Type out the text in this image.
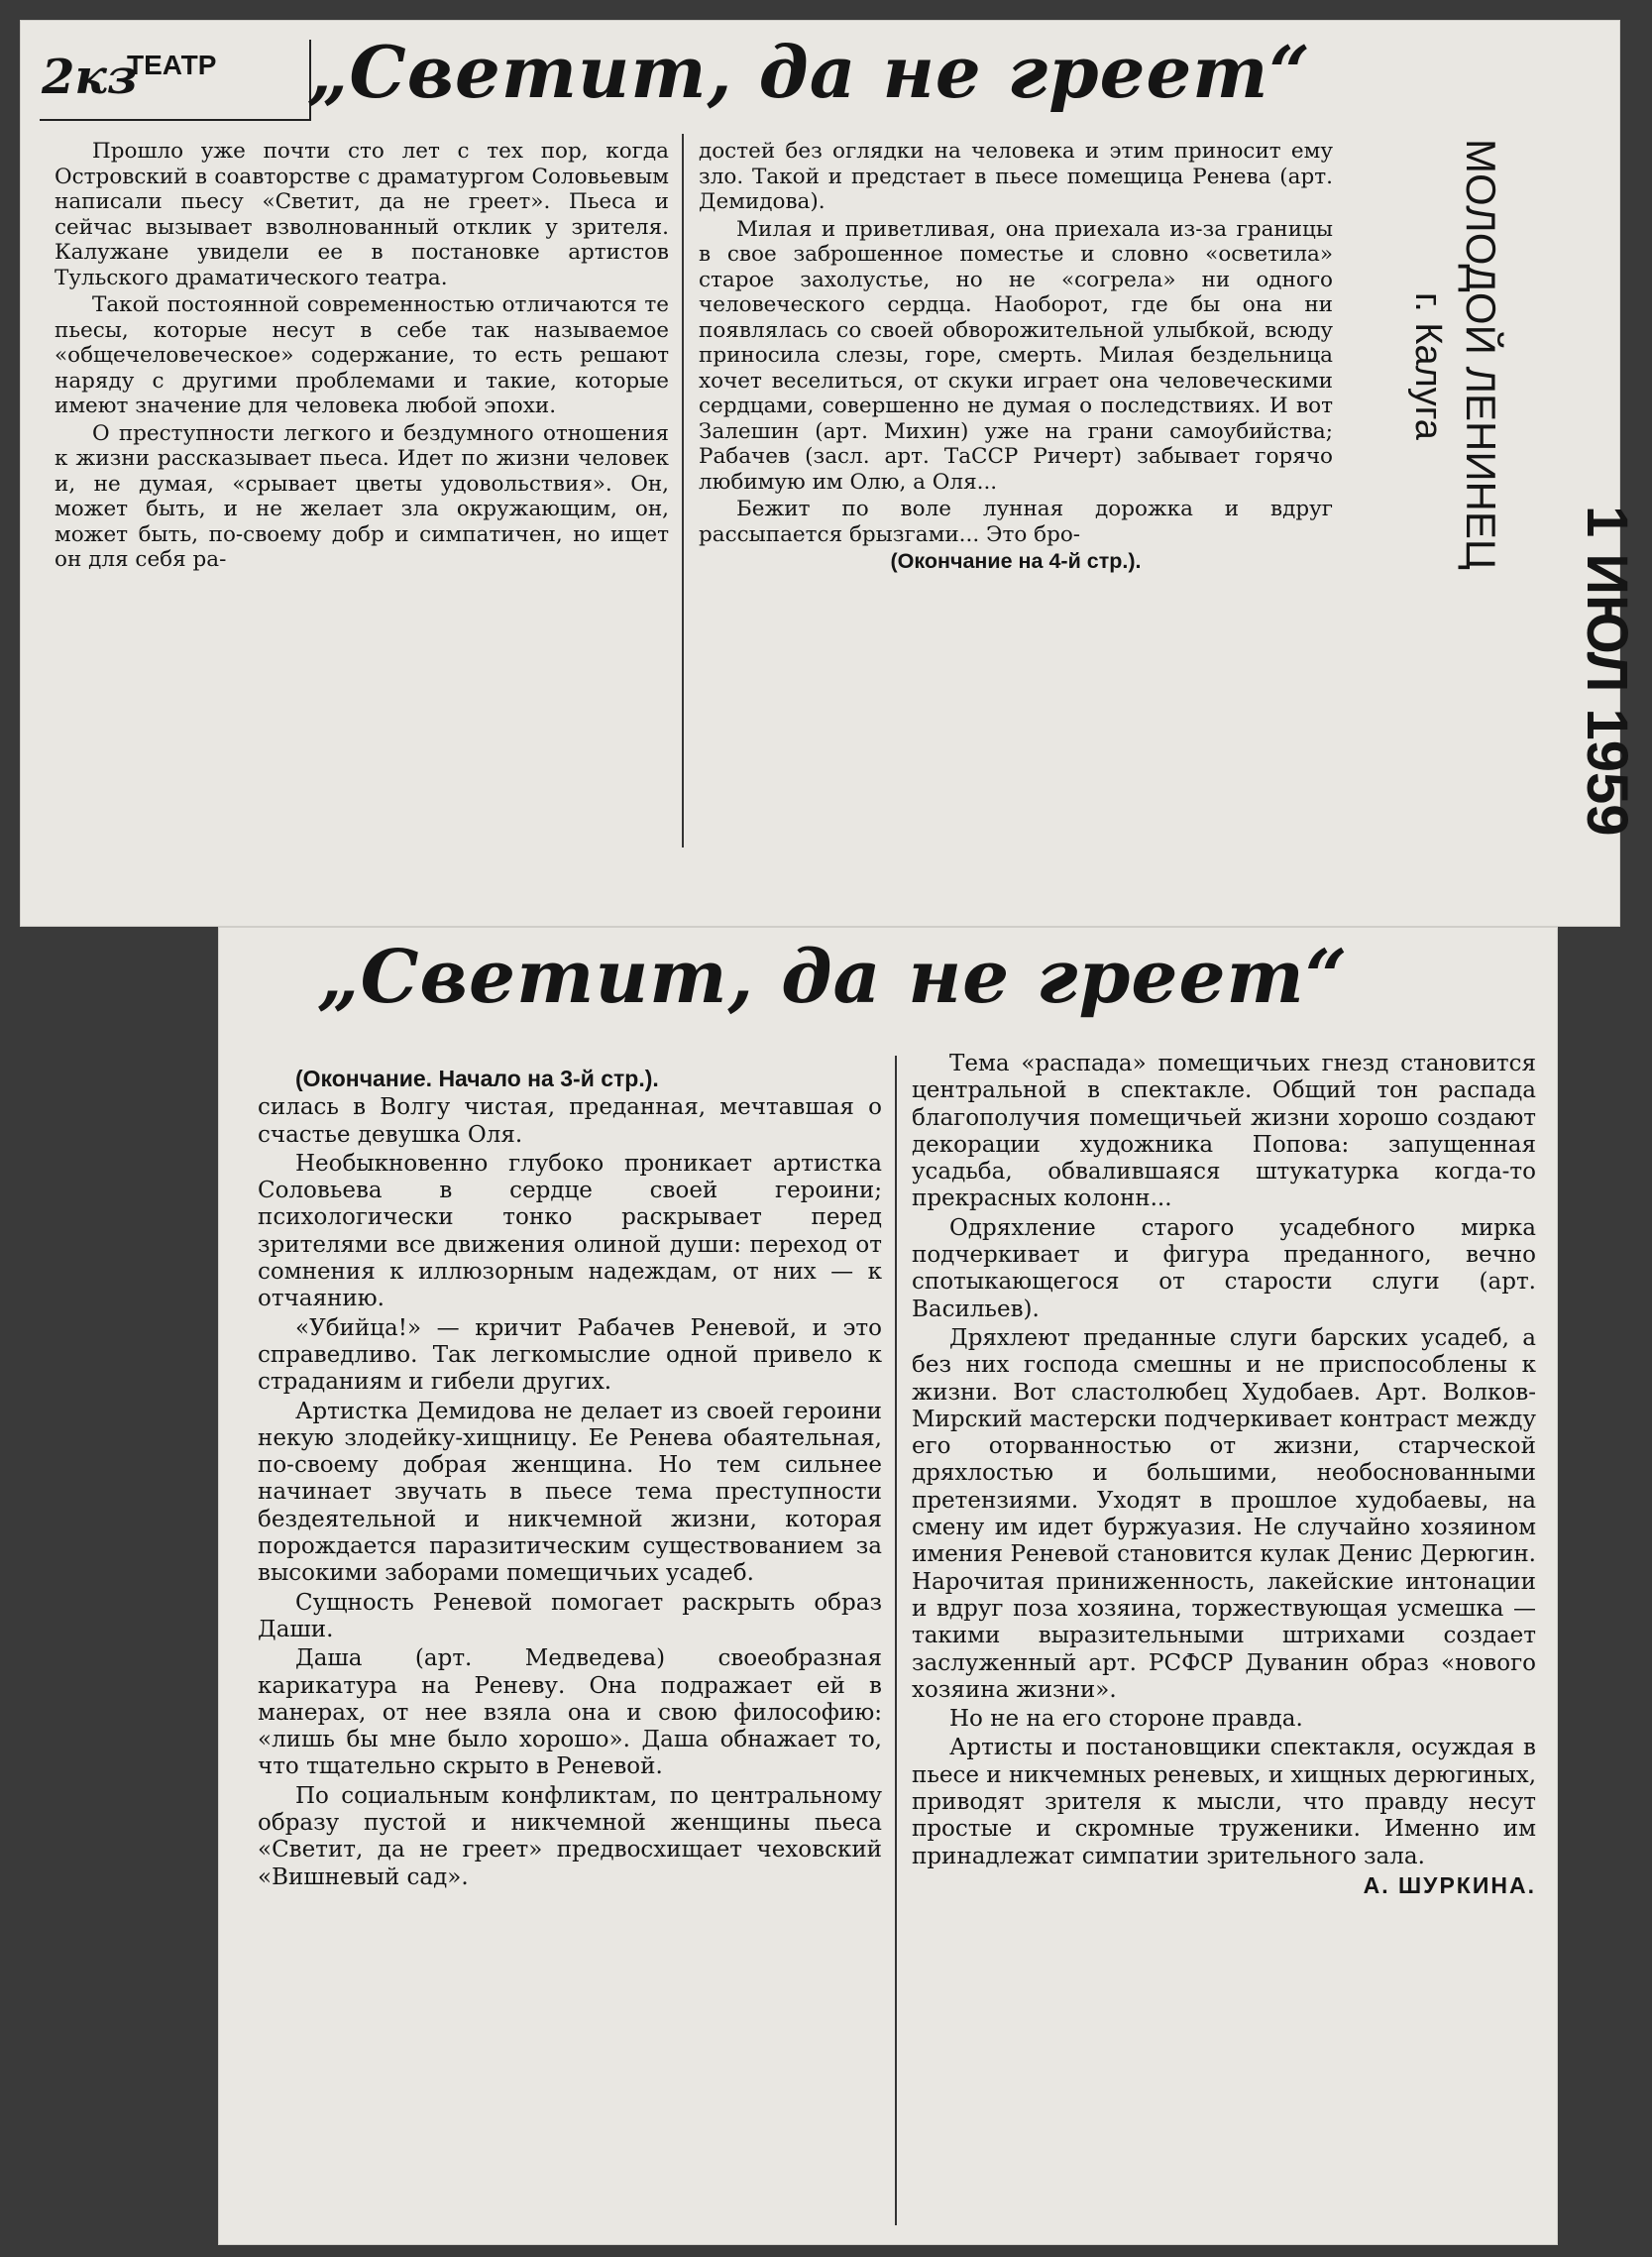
2кз
ТЕАТР „Светит, да не греет“

Прошло уже почти сто лет с тех пор, когда Островский в соавторстве с драматургом Соловьевым написали пьесу «Светит, да не греет». Пьеса и сейчас вызывает взволнованный отклик у зрителя. Калужане увидели ее в постановке артистов Тульского драматического театра.

Такой постоянной современностью отличаются те пьесы, которые несут в себе так называемое «общечеловеческое» содержание, то есть решают наряду с другими проблемами и такие, которые имеют значение для человека любой эпохи.

О преступности легкого и бездумного отношения к жизни рассказывает пьеса. Идет по жизни человек и, не думая, «срывает цветы удовольствия». Он, может быть, и не желает зла окружающим, он, может быть, по-своему добр и симпатичен, но ищет он для себя ра-

достей без оглядки на человека и этим приносит ему зло. Такой и предстает в пьесе помещица Ренева (арт. Демидова).

Милая и приветливая, она приехала из-за границы в свое заброшенное поместье и словно «осветила» старое захолустье, но не «согрела» ни одного человеческого сердца. Наоборот, где бы она ни появлялась со своей обворожительной улыбкой, всюду приносила слезы, горе, смерть. Милая бездельница хочет веселиться, от скуки играет она человеческими сердцами, совершенно не думая о последствиях. И вот Залешин (арт. Михин) уже на грани самоубийства; Рабачев (засл. арт. ТаССР Ричерт) забывает горячо любимую им Олю, а Оля...

Бежит по воле лунная дорожка и вдруг рассыпается брызгами... Это бро-

(Окончание на 4-й стр.).	МОЛОДОЙ ЛЕНИНЕЦ
г. Калуга
1 ИЮЛ 1959
„Светит, да не греет“

(Окончание. Начало на 3-й стр.).

силась в Волгу чистая, преданная, мечтавшая о счастье девушка Оля.

Необыкновенно глубоко проникает артистка Соловьева в сердце своей героини; психологически тонко раскрывает перед зрителями все движения олиной души: переход от сомнения к иллюзорным надеждам, от них — к отчаянию.

«Убийца!» — кричит Рабачев Реневой, и это справедливо. Так легкомыслие одной привело к страданиям и гибели других.

Артистка Демидова не делает из своей героини некую злодейку-хищницу. Ее Ренева обаятельная, по-своему добрая женщина. Но тем сильнее начинает звучать в пьесе тема преступности бездеятельной и никчемной жизни, которая порождается паразитическим существованием за высокими заборами помещичьих усадеб.

Сущность Реневой помогает раскрыть образ Даши.

Даша (арт. Медведева) своеобразная карикатура на Реневу. Она подражает ей в манерах, от нее взяла она и свою философию: «лишь бы мне было хорошо». Даша обнажает то, что тщательно скрыто в Реневой.

По социальным конфликтам, по центральному образу пустой и никчемной женщины пьеса «Светит, да не греет» предвосхищает чеховский «Вишневый сад».

Тема «распада» помещичьих гнезд становится центральной в спектакле. Общий тон распада благополучия помещичьей жизни хорошо создают декорации художника Попова: запущенная усадьба, обвалившаяся штукатурка когда-то прекрасных колонн...

Одряхление старого усадебного мирка подчеркивает и фигура преданного, вечно спотыкающегося от старости слуги (арт. Васильев).

Дряхлеют преданные слуги барских усадеб, а без них господа смешны и не приспособлены к жизни. Вот сластолюбец Худобаев. Арт. Волков-Мирский мастерски подчеркивает контраст между его оторванностью от жизни, старческой дряхлостью и большими, необоснованными претензиями. Уходят в прошлое худобаевы, на смену им идет буржуазия. Не случайно хозяином имения Реневой становится кулак Денис Дерюгин. Нарочитая приниженность, лакейские интонации и вдруг поза хозяина, торжествующая усмешка — такими выразительными штрихами создает заслуженный арт. РСФСР Дуванин образ «нового хозяина жизни».

Но не на его стороне правда.

Артисты и постановщики спектакля, осуждая в пьесе и никчемных реневых, и хищных дерюгиных, приводят зрителя к мысли, что правду несут простые и скромные труженики. Именно им принадлежат симпатии зрительного зала.

А. ШУРКИНА.
